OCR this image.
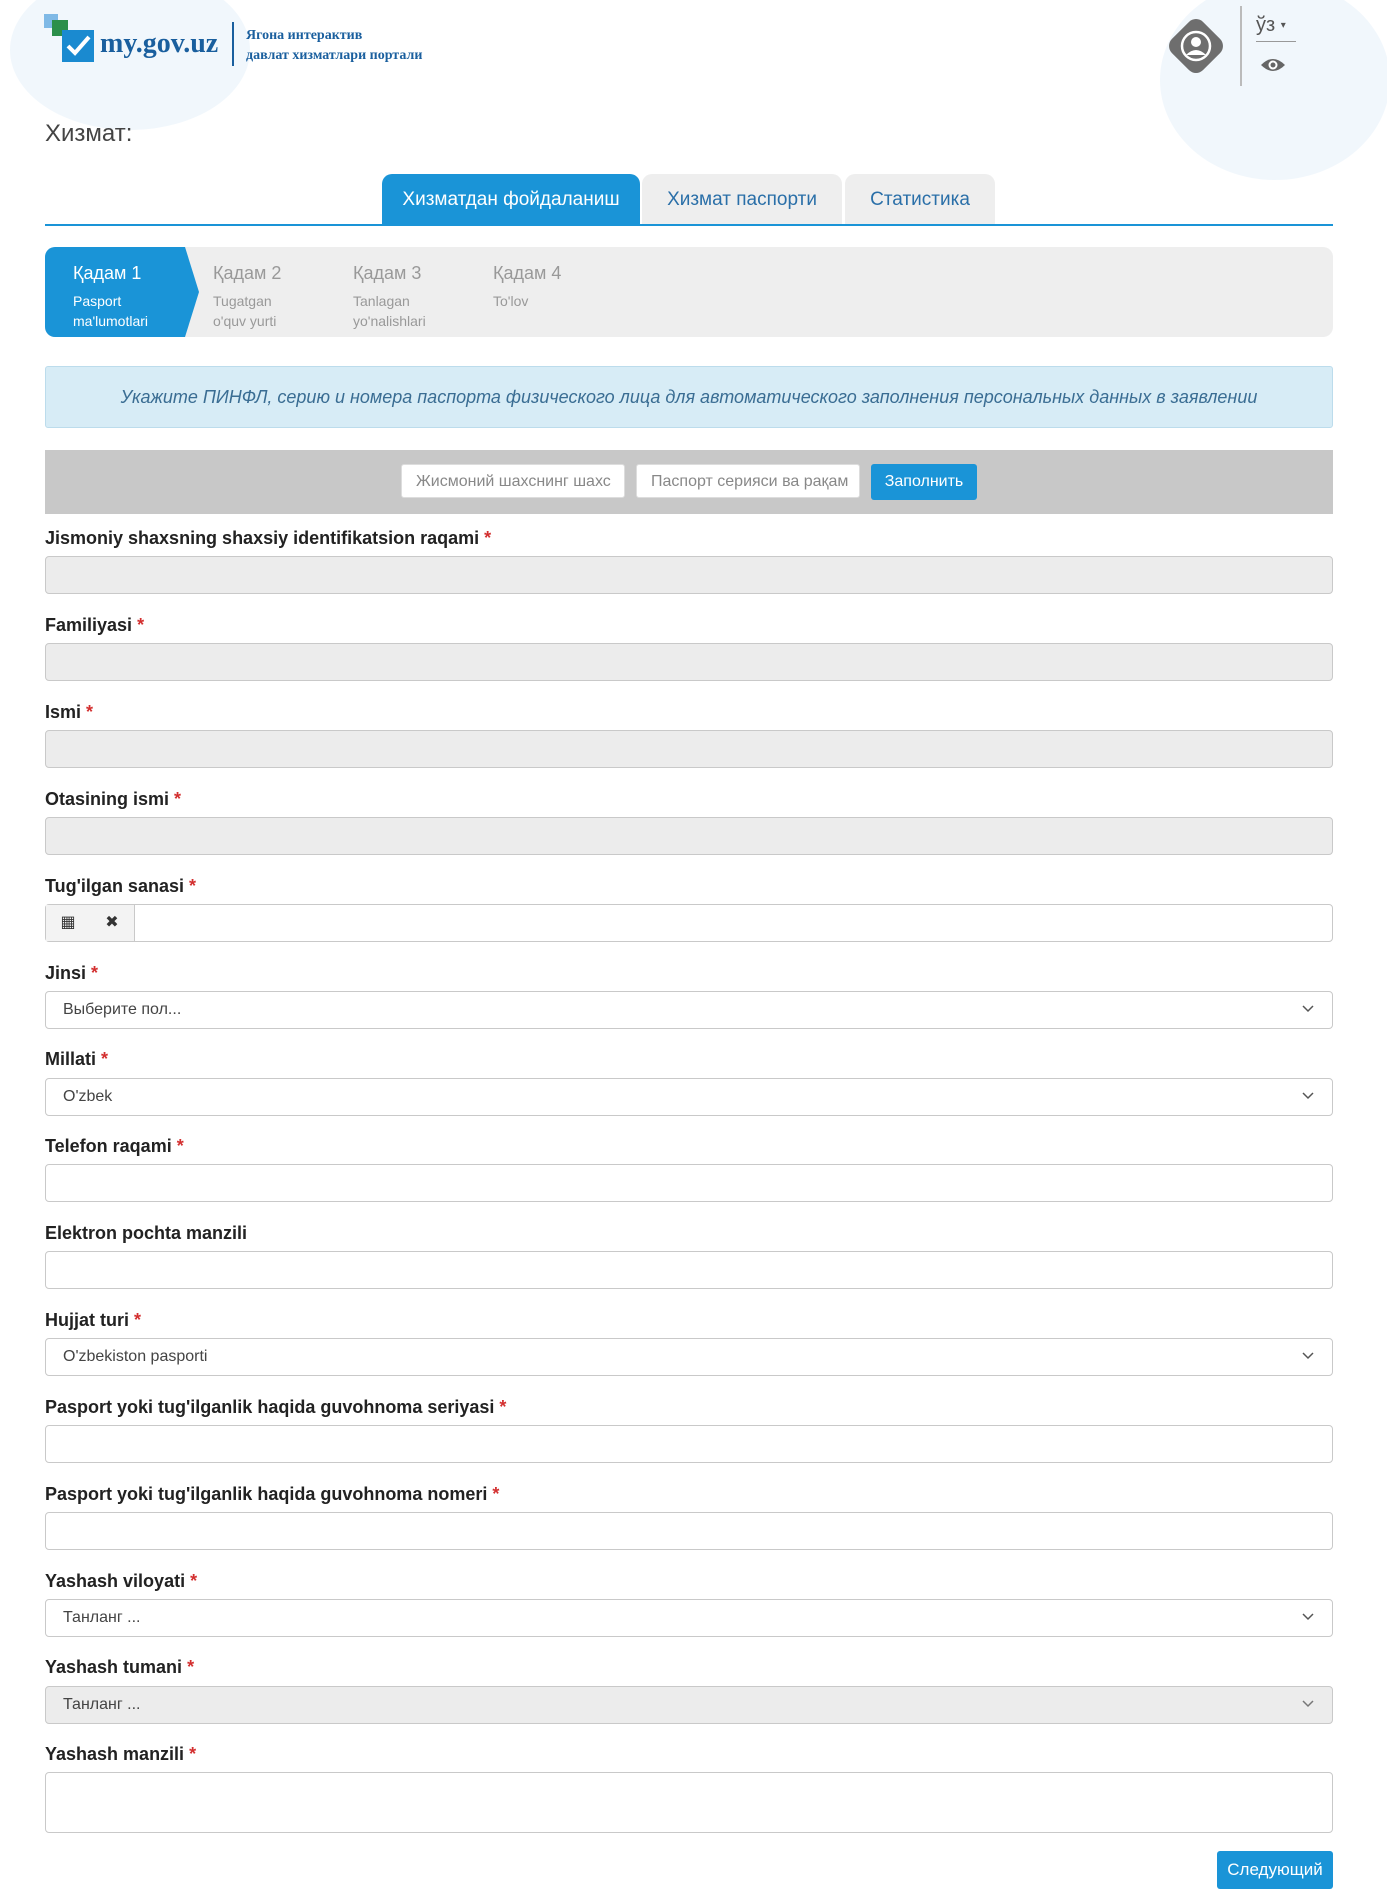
my.gov.uz Ягона интерактив
давлат хизматлари портали
ўз ▾
Хизмат:
Хизматдан фойдаланиш	Хизмат паспорти	Статистика
Қадам 1
Pasport
ma'lumotlari
Қадам 2
Tugatgan
o'quv yurti
Қадам 3
Tanlagan
yo'nalishlari
Қадам 4
To'lov
Укажите ПИНФЛ, серию и номера паспорта физического лица для автоматического заполнения персональных данных в заявлении
Жисмоний шахснинг шахс	Паспорт серияси ва рақам	Заполнить
Jismoniy shaxsning shaxsiy identifikatsion raqami *
Familiyasi *
Ismi *
Otasining ismi *
Tug'ilgan sanasi *
▦	✖
Jinsi *
Выберите пол...
Millati *
O'zbek
Telefon raqami *
Elektron pochta manzili
Hujjat turi *
O'zbekiston pasporti
Pasport yoki tug'ilganlik haqida guvohnoma seriyasi *
Pasport yoki tug'ilganlik haqida guvohnoma nomeri *
Yashash viloyati *
Танланг ...
Yashash tumani *
Танланг ...
Yashash manzili *
Следующий
